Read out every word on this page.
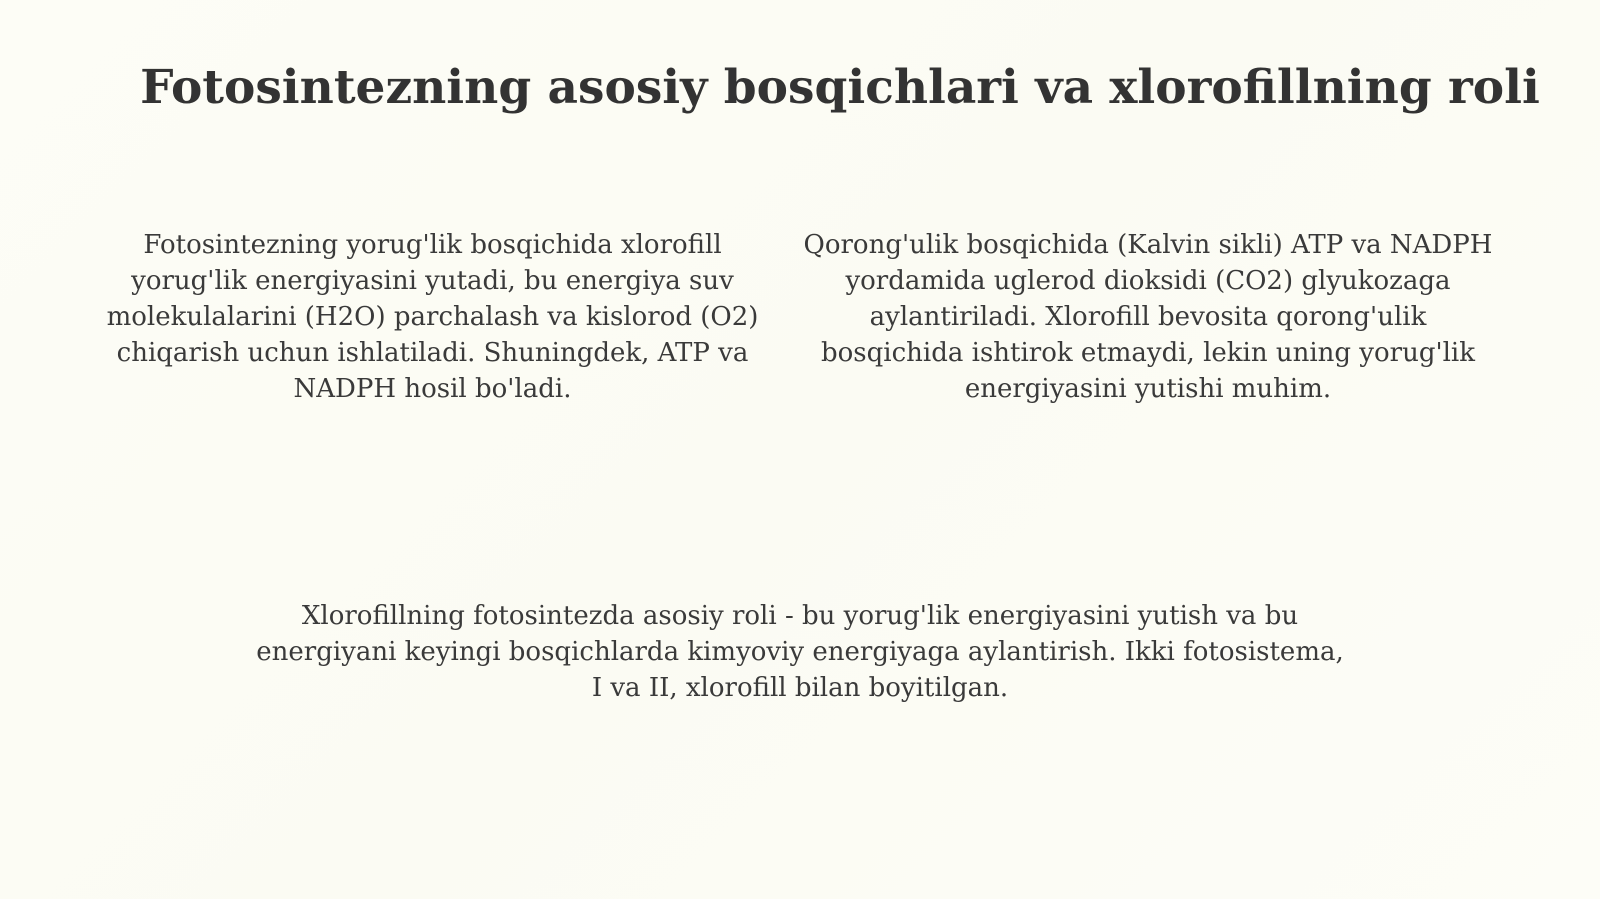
Fotosintezning asosiy bosqichlari va xlorofillning roli

Fotosintezning yorug'lik bosqichida xlorofill yorug'lik energiyasini yutadi, bu energiya suv molekulalarini (H2O) parchalash va kislorod (O2) chiqarish uchun ishlatiladi. Shuningdek, ATP va NADPH hosil bo'ladi.

Qorong'ulik bosqichida (Kalvin sikli) ATP va NADPH yordamida uglerod dioksidi (CO2) glyukozaga aylantiriladi. Xlorofill bevosita qorong'ulik bosqichida ishtirok etmaydi, lekin uning yorug'lik energiyasini yutishi muhim.

Xlorofillning fotosintezda asosiy roli - bu yorug'lik energiyasini yutish va bu energiyani keyingi bosqichlarda kimyoviy energiyaga aylantirish. Ikki fotosistema, I va II, xlorofill bilan boyitilgan.
